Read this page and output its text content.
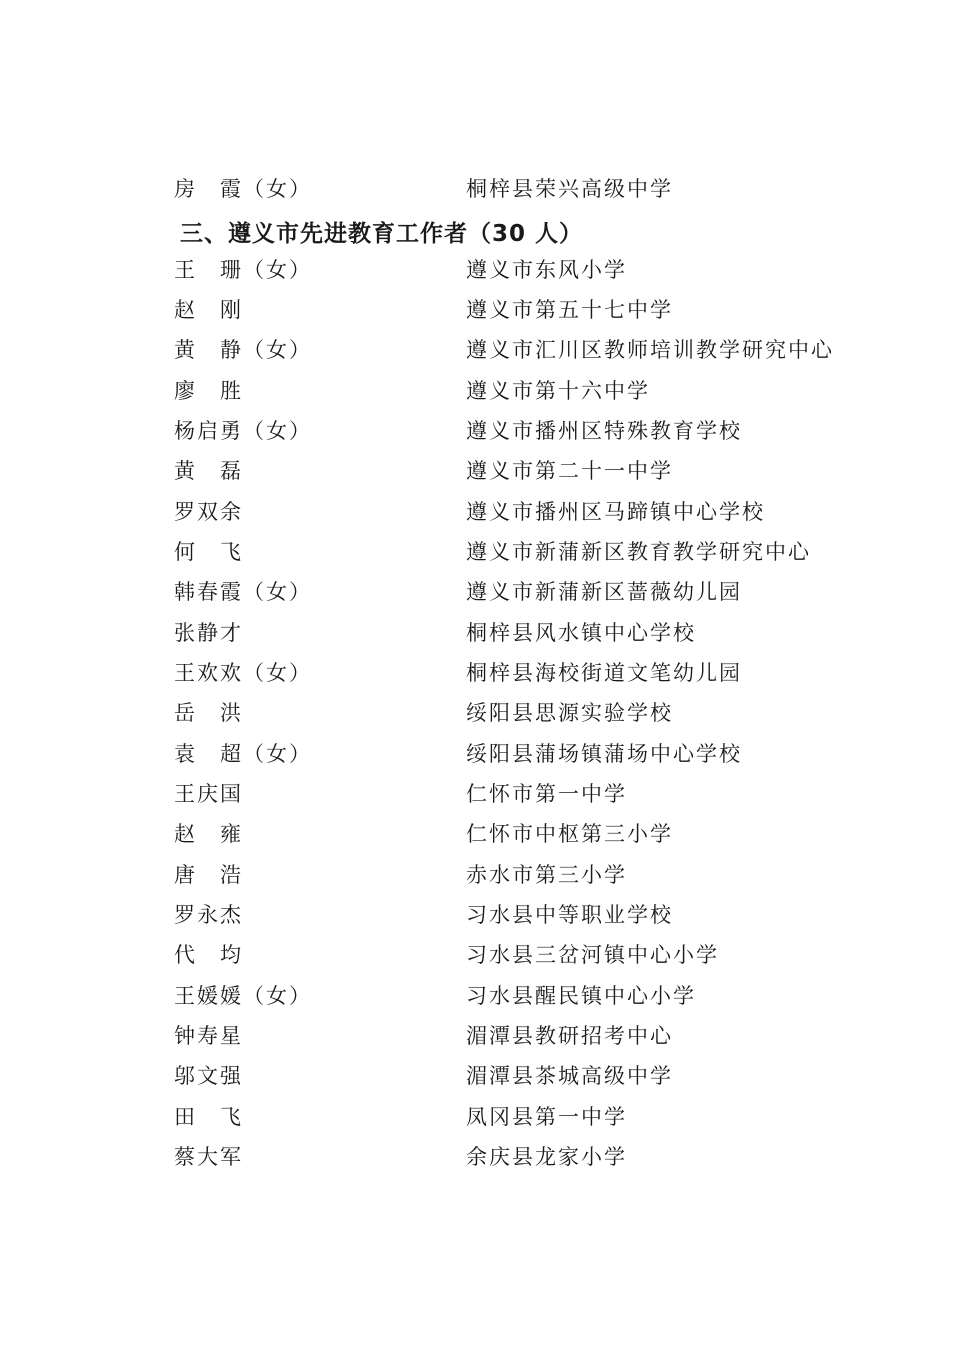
房　霞（女）	桐梓县荣兴高级中学
三、遵义市先进教育工作者（30 人）
王　珊（女）	遵义市东风小学
赵　刚	遵义市第五十七中学
黄　静（女）	遵义市汇川区教师培训教学研究中心
廖　胜	遵义市第十六中学
杨启勇（女）	遵义市播州区特殊教育学校
黄　磊	遵义市第二十一中学
罗双余	遵义市播州区马蹄镇中心学校
何　飞	遵义市新蒲新区教育教学研究中心
韩春霞（女）	遵义市新蒲新区蔷薇幼儿园
张静才	桐梓县风水镇中心学校
王欢欢（女）	桐梓县海校街道文笔幼儿园
岳　洪	绥阳县思源实验学校
袁　超（女）	绥阳县蒲场镇蒲场中心学校
王庆国	仁怀市第一中学
赵　雍	仁怀市中枢第三小学
唐　浩	赤水市第三小学
罗永杰	习水县中等职业学校
代　均	习水县三岔河镇中心小学
王媛媛（女）	习水县醒民镇中心小学
钟寿星	湄潭县教研招考中心
邬文强	湄潭县茶城高级中学
田　飞	凤冈县第一中学
蔡大军	余庆县龙家小学
